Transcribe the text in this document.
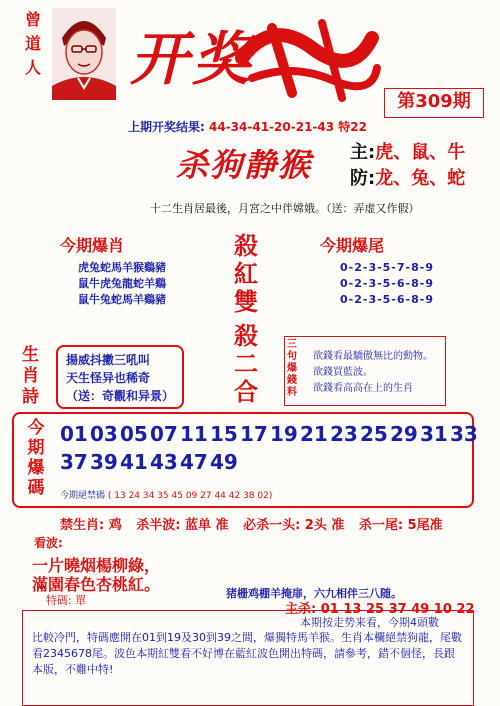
曾道人 开奖
第309期
上期开奖结果: 44-34-41-20-21-43 特22
杀狗静猴 主:虎、鼠、牛
防:龙、兔、蛇
十二生肖居最後，月宮之中伴嫦娥。（送：弄虚又作假）
今期爆肖
虎兔蛇馬羊猴鷄豬
鼠牛虎兔龍蛇羊鷄
鼠牛兔蛇馬羊鷄豬
殺
紅
雙
殺
二
合
今期爆尾
0-2-3-5-7-8-9
0-2-3-5-6-8-9
0-2-3-5-6-8-9
生
肖
詩
揚威抖擻三吼叫
天生怪异也稀奇
（送：奇觀和异景）
三
句
爆
錢
料
欲錢看最驕傲無比的動物。
欲錢買藍波。
欲錢看高高在上的生肖
今
期
爆
碼
01 03 05 07 11 15 17 19 21 23 25 29 31 33
37 39 41 43 47 49
今期絕禁碼 ( 13 24 34 35 45 09 27 44 42 38 02)
禁生肖: 鸡 杀半波: 蓝单 准 必杀一头: 2头 准 杀一尾: 5尾准
看波:
一片曉烟楊柳綠，
滿園春色杏桃紅。
特碼: 單
猪栅鸡棚羊掩扉，六九相伴三八随。
主杀: 01 13 25 37 49 10 22
本期按走势来看，今期4頭數
比較冷門，特碼應開在01到19及30到39之間，爆獨特馬羊猴。生肖本欄絕禁狗龍，尾數看2345678尾。波色本期紅雙看不好博在藍紅波色開出特碼，請參考，錯不個怪，長跟本版，不難中特!
